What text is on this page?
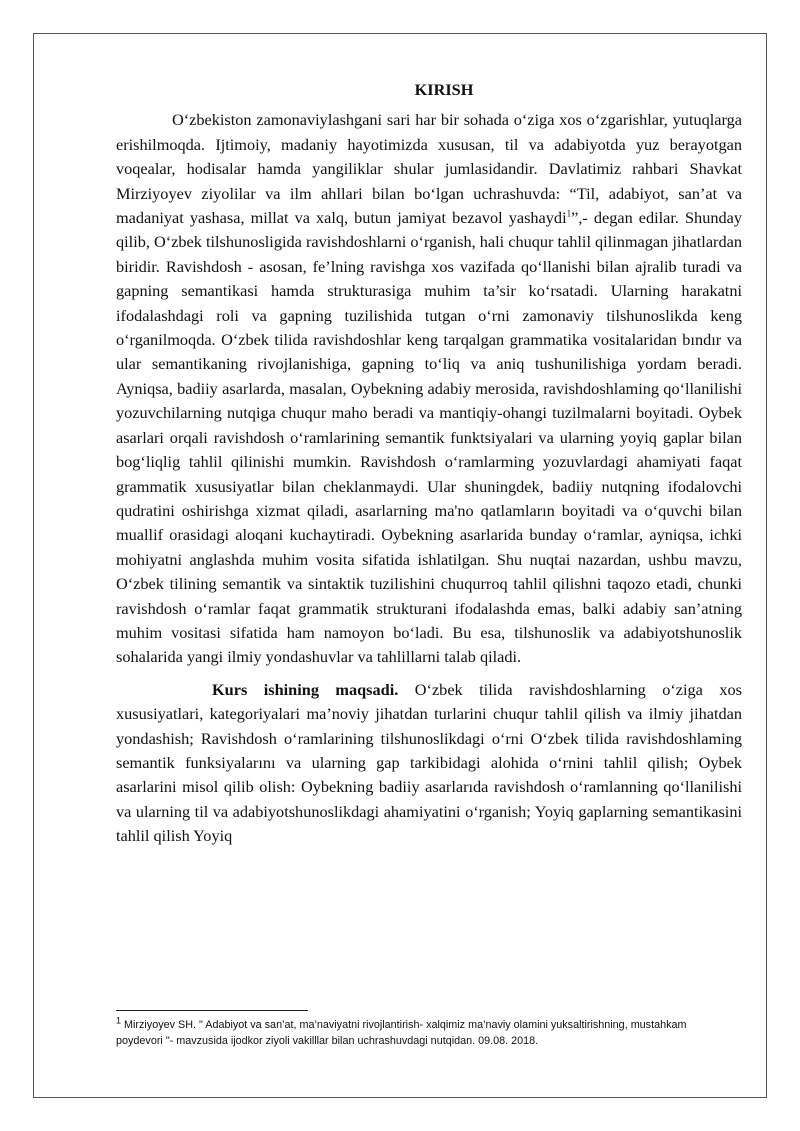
KIRISH

O‘zbekiston zamonaviylashgani sari har bir sohada o‘ziga xos o‘zgarishlar, yutuqlarga erishilmoqda. Ijtimoiy, madaniy hayotimizda xususan, til va adabiyotda yuz berayotgan voqealar, hodisalar hamda yangiliklar shular jumlasidandir. Davlatimiz rahbari Shavkat Mirziyoyev ziyolilar va ilm ahllari bilan bo‘lgan uchrashuvda: “Til, adabiyot, san’at va madaniyat yashasa, millat va xalq, butun jamiyat bezavol yashaydi$^1$”,- degan edilar. Shunday qilib, O‘zbek tilshunosligida ravishdoshlarni o‘rganish, hali chuqur tahlil qilinmagan jihatlardan biridir. Ravishdosh - asosan, fe’lning ravishga xos vazifada qo‘llanishi bilan ajralib turadi va gapning semantikasi hamda strukturasiga muhim ta’sir ko‘rsatadi. Ularning harakatni ifodalashdagi roli va gapning tuzilishida tutgan o‘rni zamonaviy tilshunoslikda keng o‘rganilmoqda. O‘zbek tilida ravishdoshlar keng tarqalgan grammatika vositalaridan bındır va ular semantikaning rivojlanishiga, gapning to‘liq va aniq tushunilishiga yordam beradi. Ayniqsa, badiiy asarlarda, masalan, Oybekning adabiy merosida, ravishdoshlaming qo‘llanilishi yozuvchilarning nutqiga chuqur maho beradi va mantiqiy-ohangi tuzilmalarni boyitadi. Oybek asarlari orqali ravishdosh o‘ramlarining semantik funktsiyalari va ularning yoyiq gaplar bilan bog‘liqlig tahlil qilinishi mumkin. Ravishdosh o‘ramlarming yozuvlardagi ahamiyati faqat grammatik xususiyatlar bilan cheklanmaydi. Ular shuningdek, badiiy nutqning ifodalovchi qudratini oshirishga xizmat qiladi, asarlarning ma'no qatlamların boyitadi va o‘quvchi bilan muallif orasidagi aloqani kuchaytiradi. Oybekning asarlarida bunday o‘ramlar, ayniqsa, ichki mohiyatni anglashda muhim vosita sifatida ishlatilgan. Shu nuqtai nazardan, ushbu mavzu, O‘zbek tilining semantik va sintaktik tuzilishini chuqurroq tahlil qilishni taqozo etadi, chunki ravishdosh o‘ramlar faqat grammatik strukturani ifodalashda emas, balki adabiy san’atning muhim vositasi sifatida ham namoyon bo‘ladi. Bu esa, tilshunoslik va adabiyotshunoslik sohalarida yangi ilmiy yondashuvlar va tahlillarni talab qiladi.

Kurs ishining maqsadi. O‘zbek tilida ravishdoshlarning o‘ziga xos xususiyatlari, kategoriyalari ma’noviy jihatdan turlarini chuqur tahlil qilish va ilmiy jihatdan yondashish; Ravishdosh o‘ramlarining tilshunoslikdagi o‘rni O‘zbek tilida ravishdoshlaming semantik funksiyalarını va ularning gap tarkibidagi alohida o‘rnini tahlil qilish; Oybek asarlarini misol qilib olish: Oybekning badiiy asarlarıda ravishdosh o‘ramlanning qo‘llanilishi va ularning til va adabiyotshunoslikdagi ahamiyatini o‘rganish; Yoyiq gaplarning semantikasini tahlil qilish Yoyiq

$^1$ Mirziyoyev SH. " Adabiyot va san’at, ma’naviyatni rivojlantirish- xalqimiz ma’naviy olamini yuksaltirishning, mustahkam poydevori "- mavzusida ijodkor ziyoli vakilllar bilan uchrashuvdagi nutqidan. 09.08. 2018.
